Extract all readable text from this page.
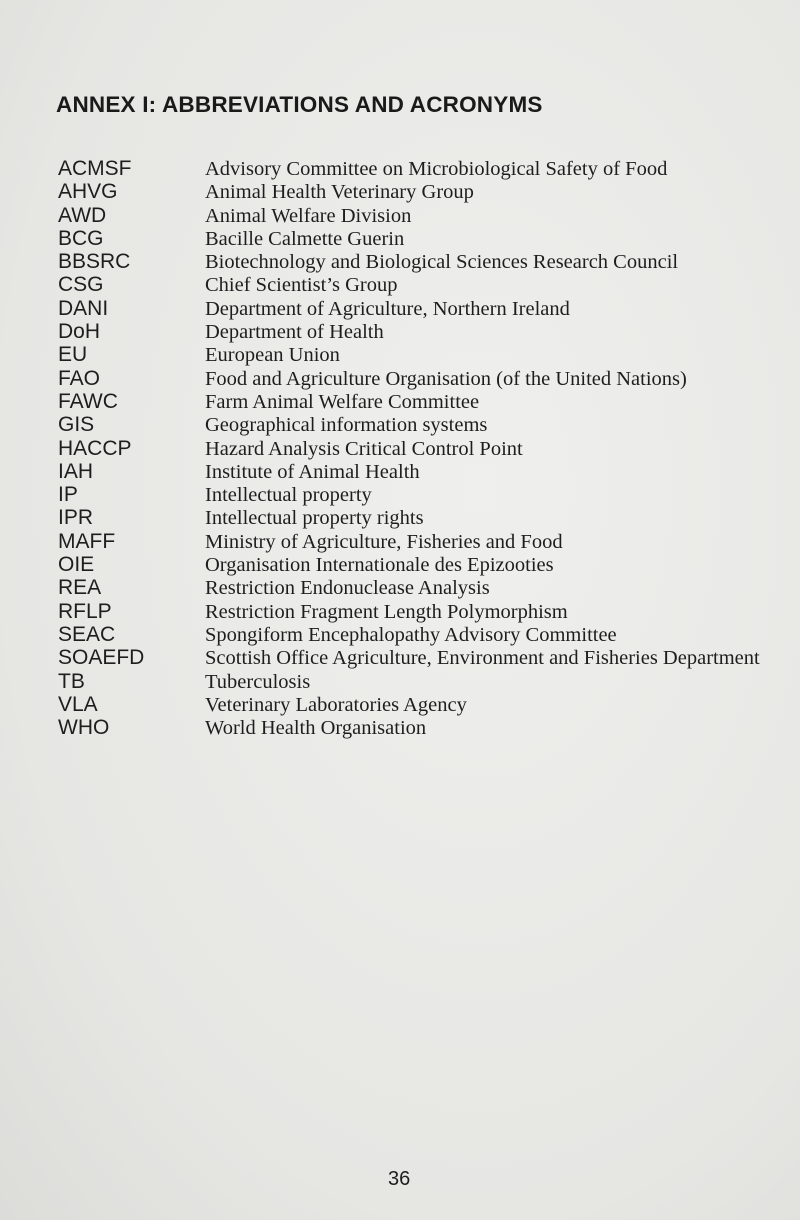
ANNEX I: ABBREVIATIONS AND ACRONYMS
ACMSF	Advisory Committee on Microbiological Safety of Food
AHVG	Animal Health Veterinary Group
AWD	Animal Welfare Division
BCG	Bacille Calmette Guerin
BBSRC	Biotechnology and Biological Sciences Research Council
CSG	Chief Scientist’s Group
DANI	Department of Agriculture, Northern Ireland
DoH	Department of Health
EU	European Union
FAO	Food and Agriculture Organisation (of the United Nations)
FAWC	Farm Animal Welfare Committee
GIS	Geographical information systems
HACCP	Hazard Analysis Critical Control Point
IAH	Institute of Animal Health
IP	Intellectual property
IPR	Intellectual property rights
MAFF	Ministry of Agriculture, Fisheries and Food
OIE	Organisation Internationale des Epizooties
REA	Restriction Endonuclease Analysis
RFLP	Restriction Fragment Length Polymorphism
SEAC	Spongiform Encephalopathy Advisory Committee
SOAEFD	Scottish Office Agriculture, Environment and Fisheries Department
TB	Tuberculosis
VLA	Veterinary Laboratories Agency
WHO	World Health Organisation
36
